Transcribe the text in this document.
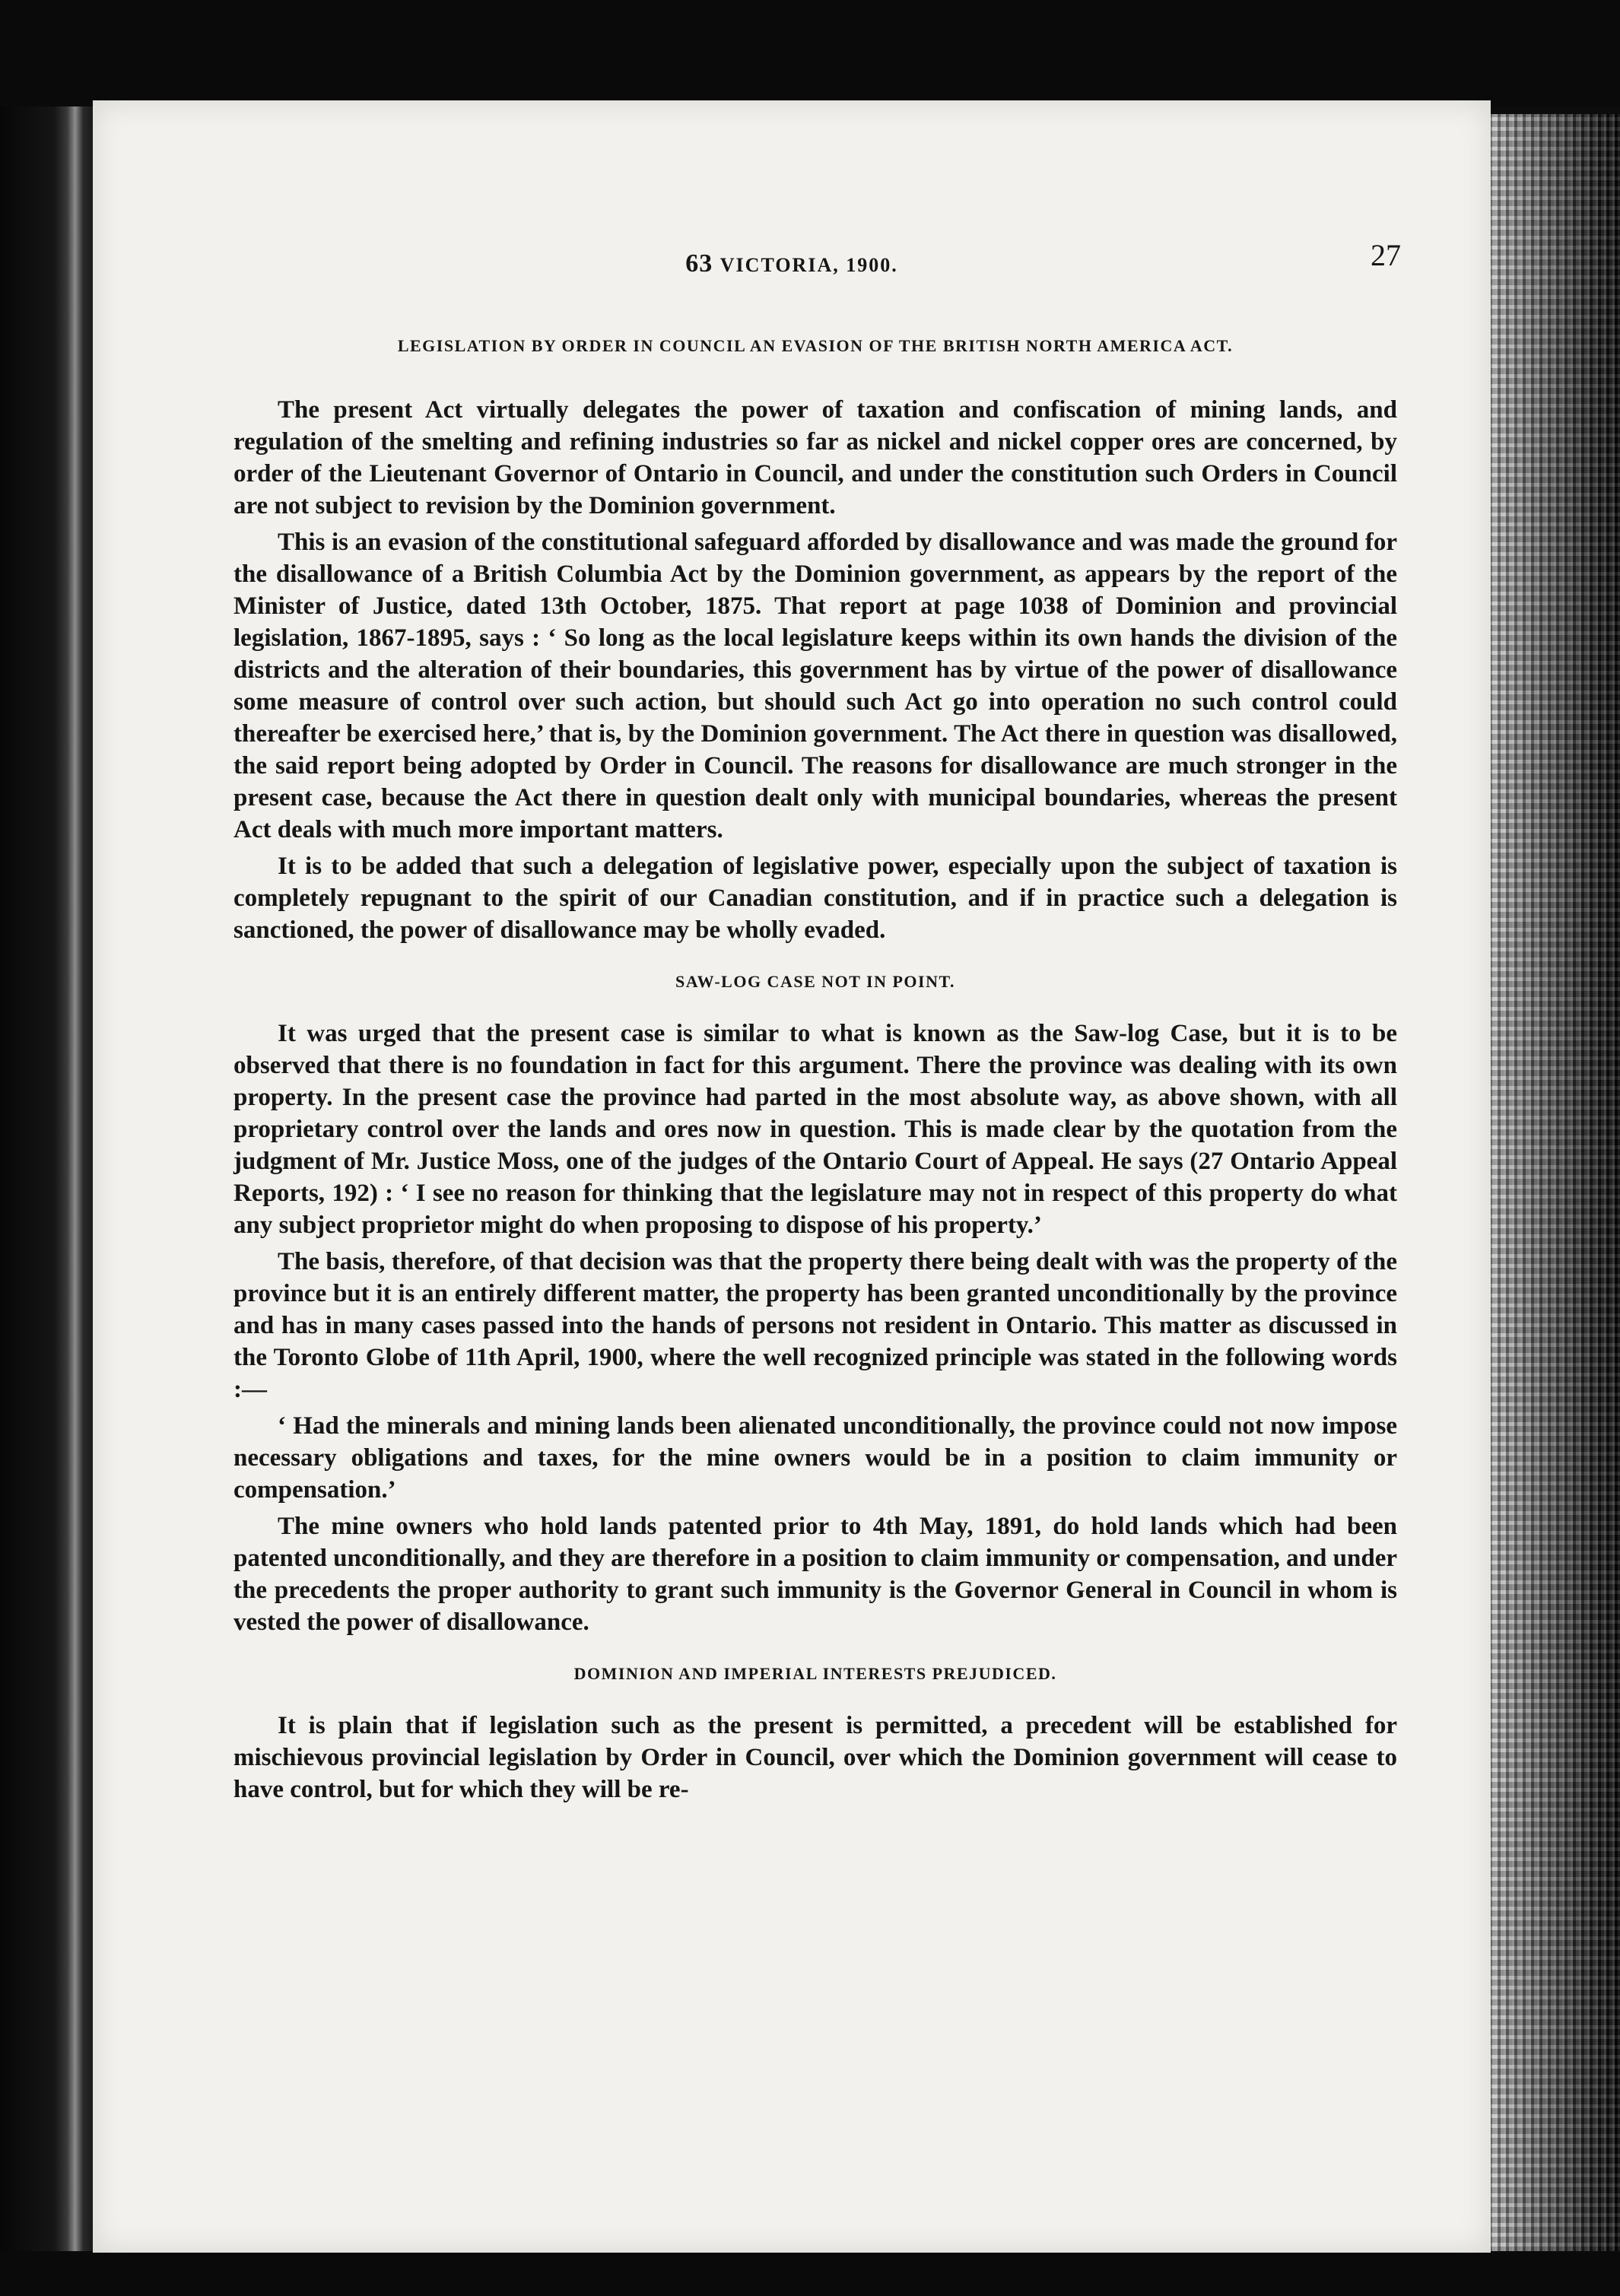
63 VICTORIA, 1900.	27
LEGISLATION BY ORDER IN COUNCIL AN EVASION OF THE BRITISH NORTH AMERICA ACT.

The present Act virtually delegates the power of taxation and confiscation of mining lands, and regulation of the smelting and refining industries so far as nickel and nickel copper ores are concerned, by order of the Lieutenant Governor of Ontario in Council, and under the constitution such Orders in Council are not subject to revision by the Dominion government.

This is an evasion of the constitutional safeguard afforded by disallowance and was made the ground for the disallowance of a British Columbia Act by the Dominion government, as appears by the report of the Minister of Justice, dated 13th October, 1875. That report at page 1038 of Dominion and provincial legislation, 1867-1895, says : ‘ So long as the local legislature keeps within its own hands the division of the districts and the alteration of their boundaries, this government has by virtue of the power of disallowance some measure of control over such action, but should such Act go into operation no such control could thereafter be exercised here,’ that is, by the Dominion government. The Act there in question was disallowed, the said report being adopted by Order in Council. The reasons for disallowance are much stronger in the present case, because the Act there in question dealt only with municipal boundaries, whereas the present Act deals with much more important matters.

It is to be added that such a delegation of legislative power, especially upon the subject of taxation is completely repugnant to the spirit of our Canadian constitution, and if in practice such a delegation is sanctioned, the power of disallowance may be wholly evaded.

SAW-LOG CASE NOT IN POINT.

It was urged that the present case is similar to what is known as the Saw-log Case, but it is to be observed that there is no foundation in fact for this argument. There the province was dealing with its own property. In the present case the province had parted in the most absolute way, as above shown, with all proprietary control over the lands and ores now in question. This is made clear by the quotation from the judgment of Mr. Justice Moss, one of the judges of the Ontario Court of Appeal. He says (27 Ontario Appeal Reports, 192) : ‘ I see no reason for thinking that the legislature may not in respect of this property do what any subject proprietor might do when proposing to dispose of his property.’

The basis, therefore, of that decision was that the property there being dealt with was the property of the province but it is an entirely different matter, the property has been granted unconditionally by the province and has in many cases passed into the hands of persons not resident in Ontario. This matter as discussed in the Toronto Globe of 11th April, 1900, where the well recognized principle was stated in the following words :—

‘ Had the minerals and mining lands been alienated unconditionally, the province could not now impose necessary obligations and taxes, for the mine owners would be in a position to claim immunity or compensation.’

The mine owners who hold lands patented prior to 4th May, 1891, do hold lands which had been patented unconditionally, and they are therefore in a position to claim immunity or compensation, and under the precedents the proper authority to grant such immunity is the Governor General in Council in whom is vested the power of disallowance.

DOMINION AND IMPERIAL INTERESTS PREJUDICED.

It is plain that if legislation such as the present is permitted, a precedent will be established for mischievous provincial legislation by Order in Council, over which the Dominion government will cease to have control, but for which they will be re-
